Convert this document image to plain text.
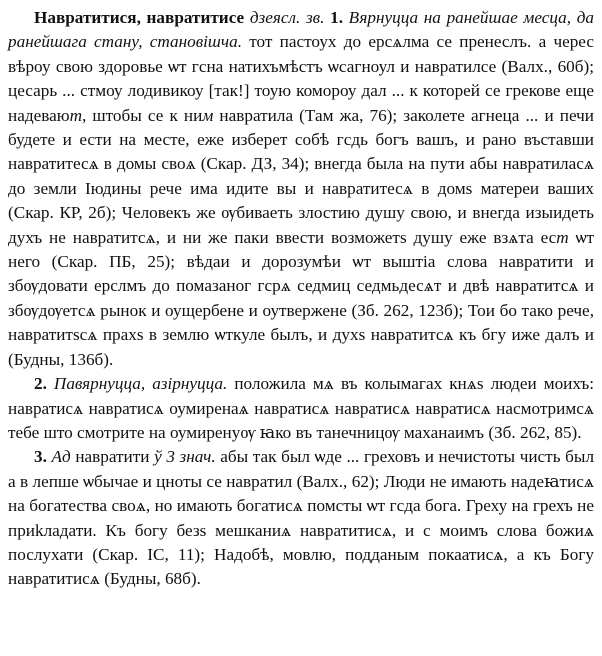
Навратитися, навратитисе дзеясл. зв. 1. Вярнуцца на ранейшае месца, да ранейшага стану, становішча. тот пастоух до ерсѧлма се пренеслъ. а черес вѣроу свою здоровье ѡт гсна натихъмѣстъ ѡсагноул и навратилсе (Валх., 60б); цесарь ... стмоу лодивикоу [так!] тоую комороу дал ... к которей се грекове еще надевают, штобы се к ним навратила (Там жа, 76); заколете агнеца ... и печи будете и ести на месте, еже изберет собѣ гсдь богъ вашъ, и рано въставши навратитесѧ в домы своѧ (Скар. ДЗ, 34); внегда была на пути абы навратиласѧ до земли Іюдины рече има идите вы и навратитесѧ в домѕ матереи ваших (Скар. КР, 2б); Человекъ же ѹбиваеть злостию душу свою, и внегда изыидеть духъ не навратитсѧ, и ни же паки ввести возможетѕ душу еже взѧта ест ѡт него (Скар. ПБ, 25); вѣдаи и дорозумѣи ѡт выштіа слова навратити и збѹдовати ерслмъ до помазаног гсрѧ седмиц седмьдесѧт и двѣ навратитсѧ и збѹдѹетсѧ рынок и оущербене и оутвержене (Зб. 262, 123б); Тои бо тако рече, навратитѕсѧ прахѕ в землю ѡткуле былъ, и духѕ навратитсѧ къ бгу иже далъ и (Будны, 136б).

2. Павярнуцца, азірнуцца. положила мѧ въ колымагах кнѧѕ людеи моихъ: навратисѧ навратисѧ оумиренаѧ навратисѧ навратисѧ навратисѧ насмотримсѧ тебе што смотрите на оумиренуѹ ꙗко въ танечницѹ маханаимъ (Зб. 262, 85).

3. Ад навратити ў 3 знач. абы так был ѡде ... греховъ и нечистоты чисть был а в лепше ѡбычае и цноты се навратил (Валх., 62); Люди не имають надеꙗтисѧ на богатества своѧ, но имають богатисѧ помсты ѡт гсда бога. Греху на грехъ не приkладати. Къ богу безѕ мешканиѧ навратитисѧ, и с моимъ слова божиѧ послухати (Скар. ІС, 11); Надобѣ, мовлю, подданым покаатисѧ, а къ Богу навратитисѧ (Будны, 68б).
